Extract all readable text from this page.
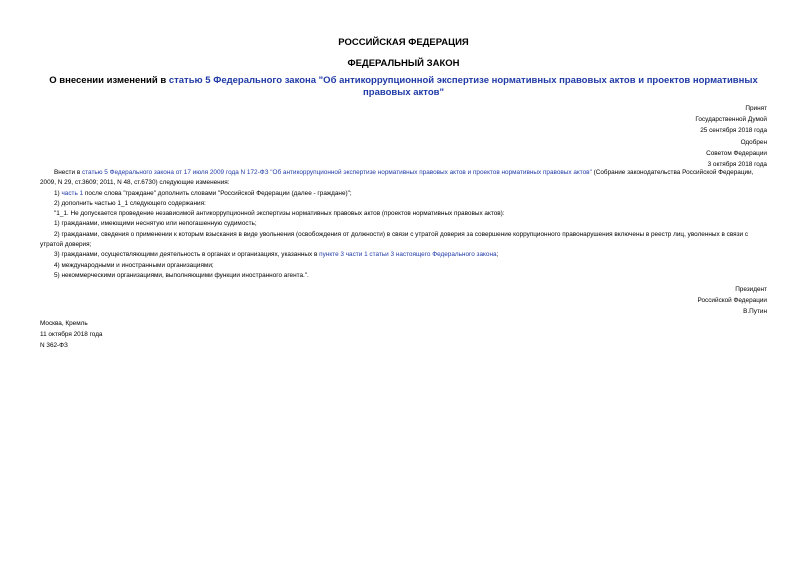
РОССИЙСКАЯ ФЕДЕРАЦИЯ
ФЕДЕРАЛЬНЫЙ ЗАКОН
О внесении изменений в статью 5 Федерального закона "Об антикоррупционной экспертизе нормативных правовых актов и проектов нормативных правовых актов"
Принят
Государственной Думой
25 сентября 2018 года
Одобрен
Советом Федерации
3 октября 2018 года

Внести в статью 5 Федерального закона от 17 июля 2009 года N 172-ФЗ "Об антикоррупционной экспертизе нормативных правовых актов и проектов нормативных правовых актов" (Собрание законодательства Российской Федерации, 2009, N 29, ст.3609; 2011, N 48, ст.6730) следующие изменения:

1) часть 1 после слова "граждане" дополнить словами "Российской Федерации (далее - граждане)";

2) дополнить частью 1_1 следующего содержания:

"1_1. Не допускается проведение независимой антикоррупционной экспертизы нормативных правовых актов (проектов нормативных правовых актов):

1) гражданами, имеющими неснятую или непогашенную судимость;

2) гражданами, сведения о применении к которым взыскания в виде увольнения (освобождения от должности) в связи с утратой доверия за совершение коррупционного правонарушения включены в реестр лиц, уволенных в связи с утратой доверия;

3) гражданами, осуществляющими деятельность в органах и организациях, указанных в пункте 3 части 1 статьи 3 настоящего Федерального закона;

4) международными и иностранными организациями;

5) некоммерческими организациями, выполняющими функции иностранного агента.".

Президент
Российской Федерации
В.Путин
Москва, Кремль
11 октября 2018 года
N 362-ФЗ
